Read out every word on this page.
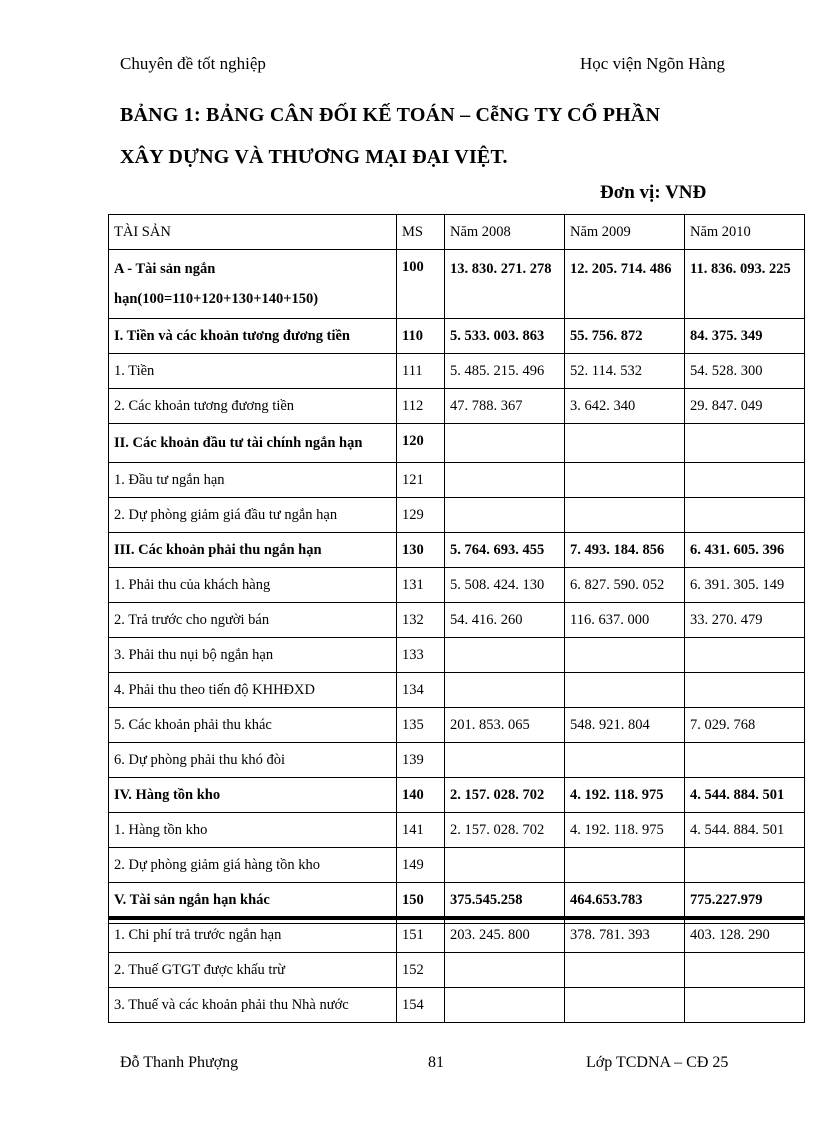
Chuyên đề tốt nghiệp	Học viện Ngõn Hàng
BẢNG 1: BẢNG CÂN ĐỐI KẾ TOÁN – CễNG TY CỔ PHẦN
XÂY DỰNG VÀ THƯƠNG MẠI ĐẠI VIỆT.
Đơn vị: VNĐ
TÀI SẢN	MS	Năm 2008	Năm 2009	Năm 2010
A - Tài sản ngắn hạn(100=110+120+130+140+150)	100	13. 830. 271. 278	12. 205. 714. 486	11. 836. 093. 225
I. Tiền và các khoản tương đương tiền	110	5. 533. 003. 863	55. 756. 872	84. 375. 349
1. Tiền	111	5. 485. 215. 496	52. 114. 532	54. 528. 300
2. Các khoản tương đương tiền	112	47. 788. 367	3. 642. 340	29. 847. 049
II. Các khoản đầu tư tài chính ngắn hạn	120			
1. Đầu tư ngắn hạn	121			
2. Dự phòng giảm giá đầu tư ngắn hạn	129			
III. Các khoản phải thu ngắn hạn	130	5. 764. 693. 455	7. 493. 184. 856	6. 431. 605. 396
1. Phải thu của khách hàng	131	5. 508. 424. 130	6. 827. 590. 052	6. 391. 305. 149
2. Trả trước cho người bán	132	54. 416. 260	116. 637. 000	33. 270. 479
3. Phải thu nụi bộ ngắn hạn	133			
4. Phải thu theo tiến độ KHHĐXD	134			
5. Các khoản phải thu khác	135	201. 853. 065	548. 921. 804	7. 029. 768
6. Dự phòng phải thu khó đòi	139			
IV. Hàng tồn kho	140	2. 157. 028. 702	4. 192. 118. 975	4. 544. 884. 501
1. Hàng tồn kho	141	2. 157. 028. 702	4. 192. 118. 975	4. 544. 884. 501
2. Dự phòng giảm giá hàng tồn kho	149			
V. Tài sản ngắn hạn khác	150	375.545.258	464.653.783	775.227.979
1. Chi phí trả trước ngắn hạn	151	203. 245. 800	378. 781. 393	403. 128. 290
2. Thuế GTGT được khấu trừ	152			
3. Thuế và các khoản phải thu Nhà nước	154			
Đỗ Thanh Phượng	81	Lớp TCDNA – CĐ 25
